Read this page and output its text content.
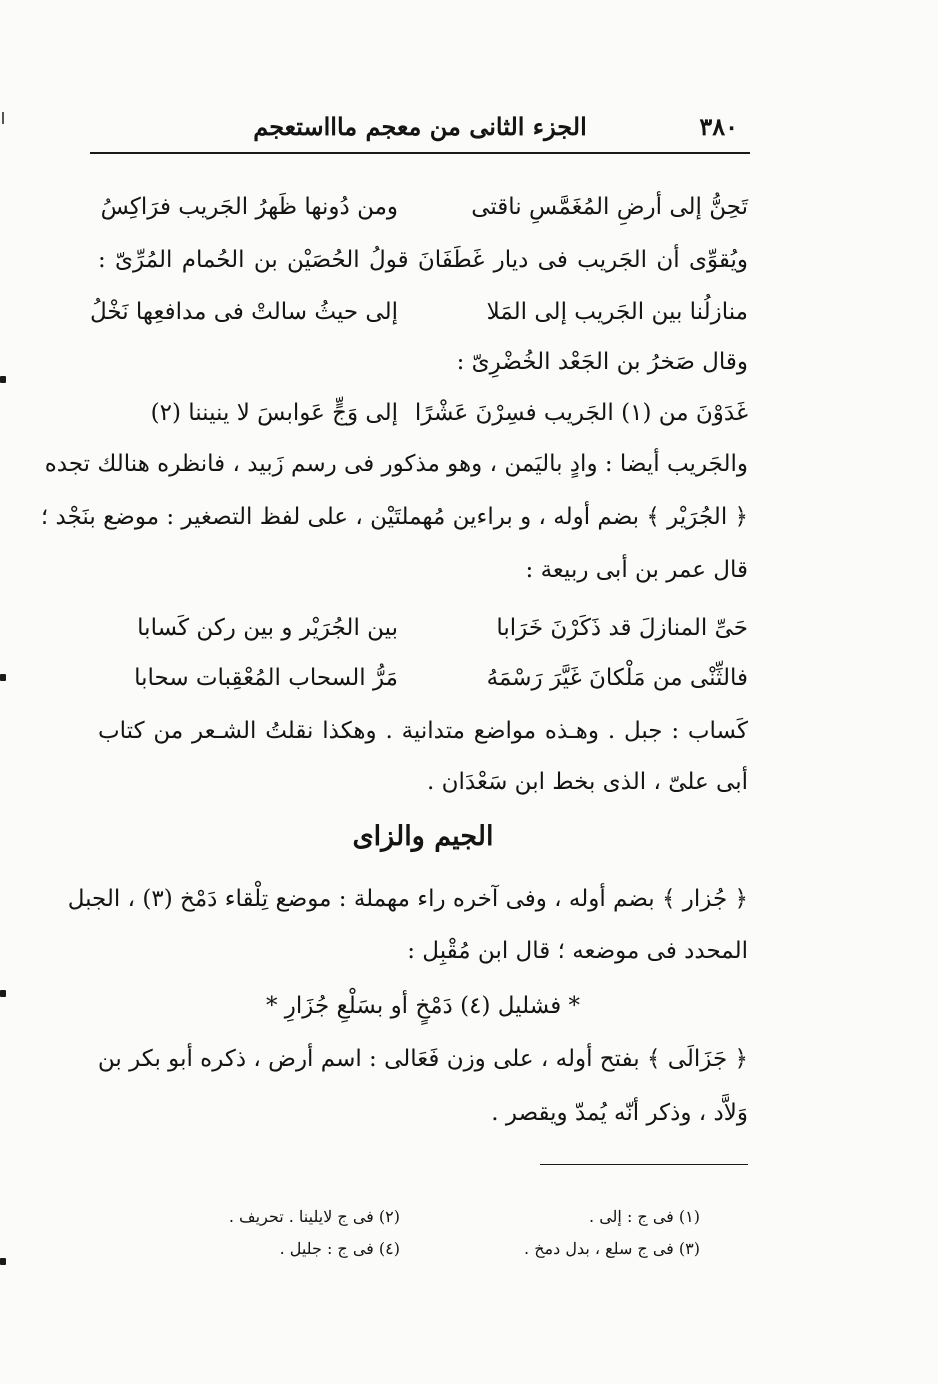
٣٨٠
الجزء الثانى من معجم ماااستعجم
تَحِنُّ إلى أرضِ المُغَمَّسِ ناقتى
ومن دُونها ظَهرُ الجَريب فرَاكِسُ
ويُقوِّى أن الجَريب فى ديار غَطَفَانَ قولُ الحُصَيْن بن الحُمام المُرِّىّ :
منازلُنا بين الجَريب إلى المَلا
إلى حيثُ سالتْ فى مدافعِها نَخْلُ
وقال صَخرُ بن الجَعْد الخُضْرِىّ :
غَدَوْنَ من (١) الجَريب فسِرْنَ عَشْرًا
إلى وَجٍّ عَوابسَ لا ينيننا (٢)
والجَريب أيضا : وادٍ باليَمن ، وهو مذكور فى رسم زَبيد ، فانظره هنالك تجده
﴿ الجُرَيْر ﴾ بضم أوله ، و براءين مُهملتَيْن ، على لفظ التصغير : موضع بنَجْد ؛
قال عمر بن أبى ربيعة :
حَىِّ المنازلَ قد ذَكَرْنَ خَرَابا
بين الجُرَيْر و بين ركن كَسابا
فالثِّنْى من مَلْكانَ غَيَّرَ رَسْمَهُ
مَرُّ السحاب المُعْقِبات سحابا
كَساب : جبل . وهـذه مواضع متدانية . وهكذا نقلتُ الشـعر من كتاب
أبى علىّ ، الذى بخط ابن سَعْدَان .
الجيم والزاى
﴿ جُزار ﴾ بضم أوله ، وفى آخره راء مهملة : موضع تِلْقاء دَمْخ (٣) ، الجبل
المحدد فى موضعه ؛ قال ابن مُقْبِل :
* فشليل (٤) دَمْخٍ أو بسَلْعِ جُزَارِ *
﴿ جَزَالَى ﴾ بفتح أوله ، على وزن فَعَالى : اسم أرض ، ذكره أبو بكر بن
وَلاَّد ، وذكر أنّه يُمدّ ويقصر .
(١) فى ج : إلى .
(٢) فى ج لايلينا . تحريف .
(٣) فى ج سلع ، بدل دمخ .
(٤) فى ج : جليل .
